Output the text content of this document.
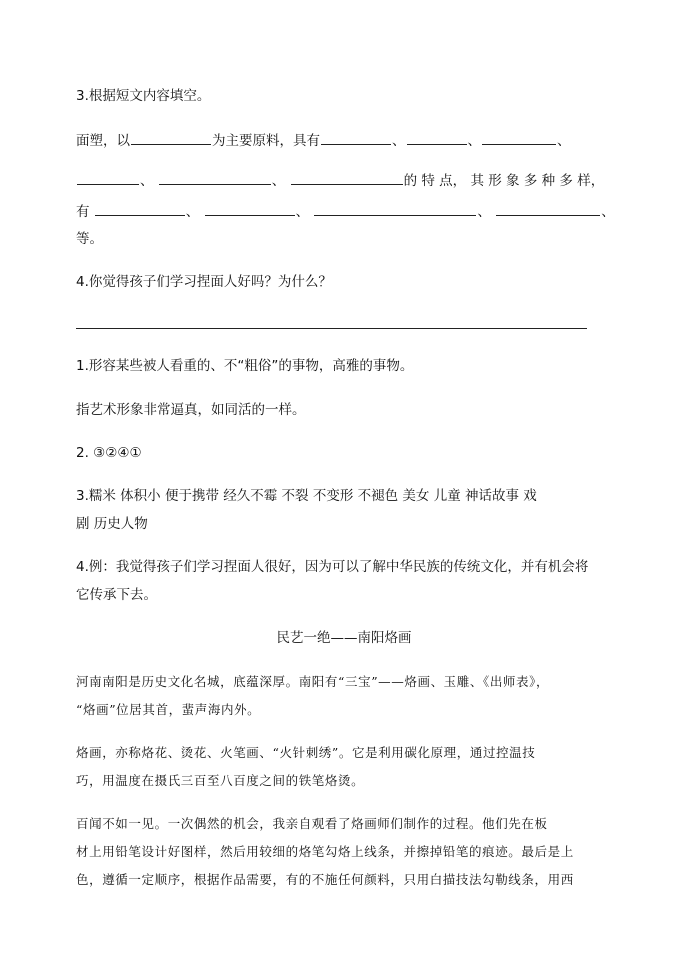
3.根据短文内容填空。
面塑，以	为主要原料，具有	、	、	、
、	、	的 特 点， 其 形 象 多 种 多 样，
有	、	、	、	、
等。
4.你觉得孩子们学习捏面人好吗？为什么？
1.形容某些被人看重的、不“粗俗”的事物，高雅的事物。
指艺术形象非常逼真，如同活的一样。
2. ③②④①
3.糯米 体积小 便于携带 经久不霉 不裂 不变形 不褪色 美女 儿童 神话故事 戏
剧 历史人物
4.例：我觉得孩子们学习捏面人很好，因为可以了解中华民族的传统文化，并有机会将
它传承下去。
民艺一绝——南阳烙画
河南南阳是历史文化名城，底蕴深厚。南阳有“三宝”——烙画、玉雕、《出师表》，
“烙画”位居其首，蜚声海内外。
烙画，亦称烙花、烫花、火笔画、“火针刺绣”。它是利用碳化原理，通过控温技
巧，用温度在摄氏三百至八百度之间的铁笔烙烫。
百闻不如一见。一次偶然的机会，我亲自观看了烙画师们制作的过程。他们先在板
材上用铅笔设计好图样，然后用较细的烙笔勾烙上线条，并擦掉铅笔的痕迹。最后是上
色，遵循一定顺序，根据作品需要，有的不施任何颜料，只用白描技法勾勒线条，用西
